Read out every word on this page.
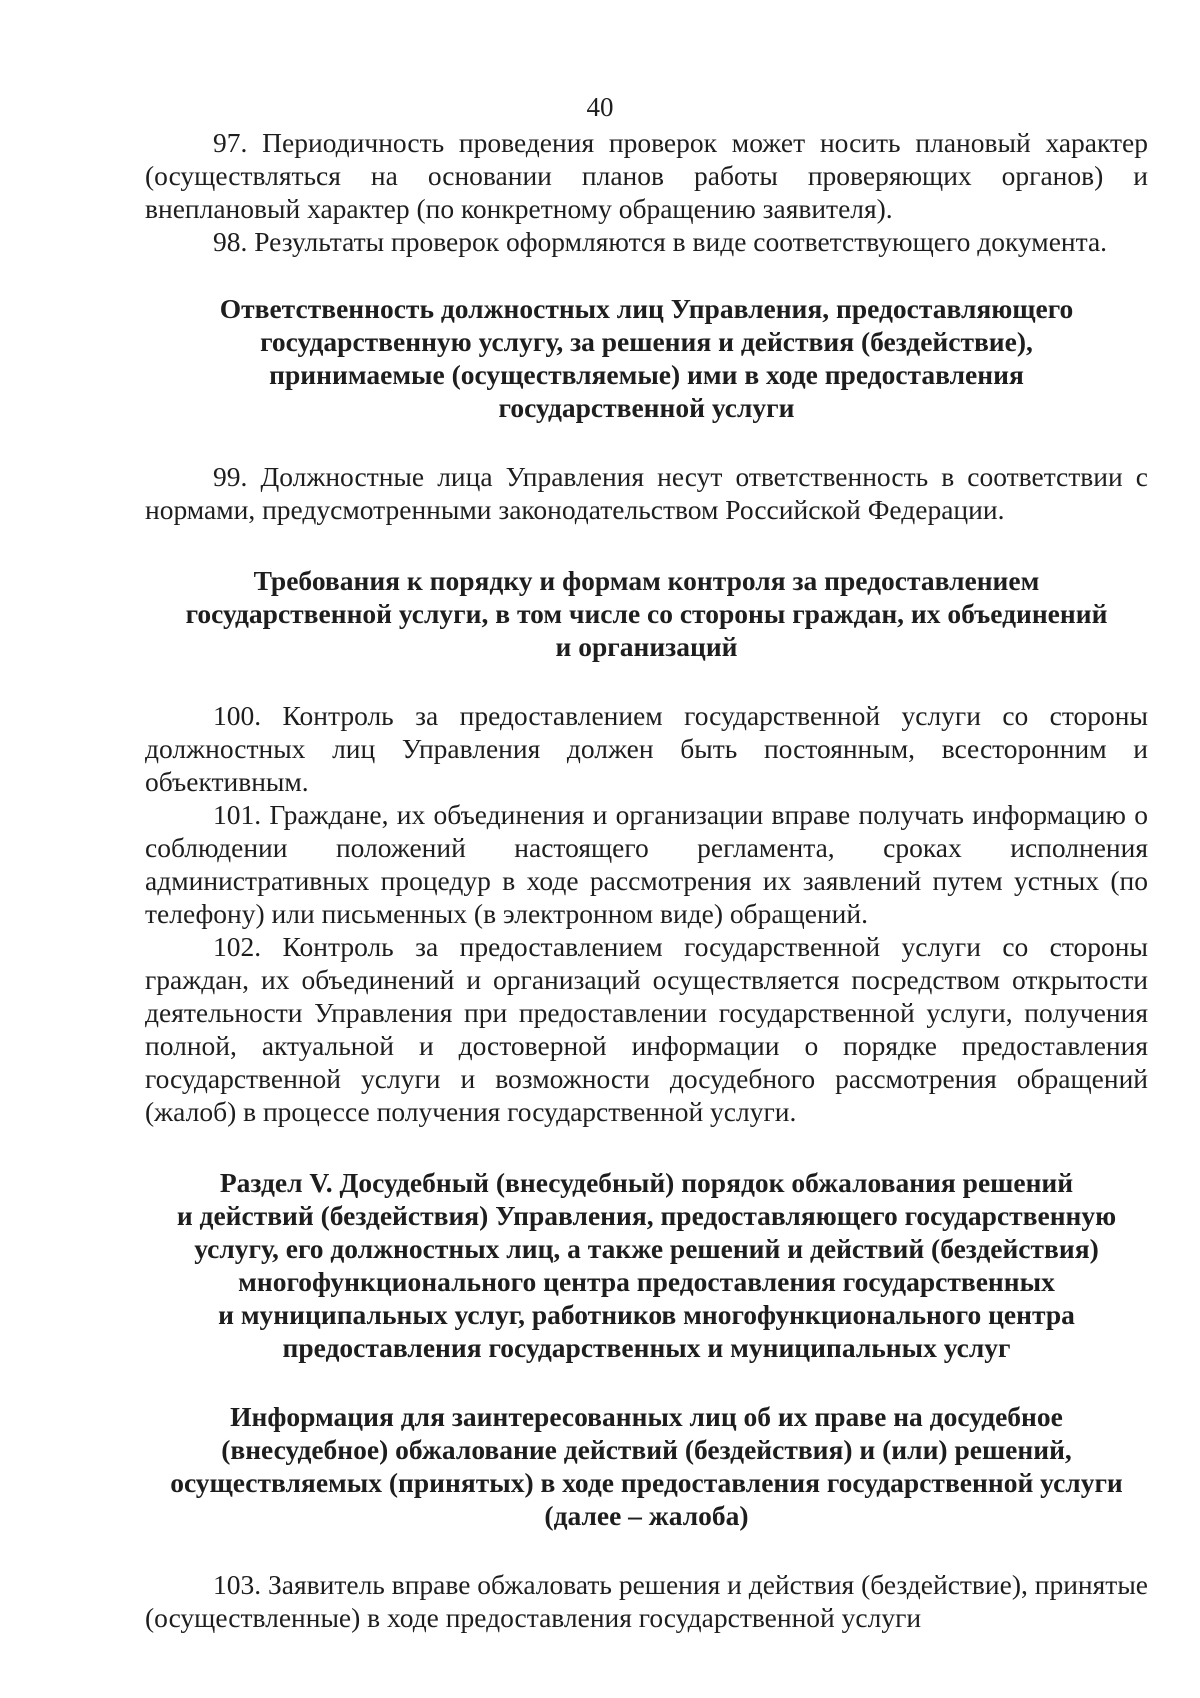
40

97. Периодичность проведения проверок может носить плановый характер (осуществляться на основании планов работы проверяющих органов) и внеплановый характер (по конкретному обращению заявителя).

98. Результаты проверок оформляются в виде соответствующего документа.

Ответственность должностных лиц Управления, предоставляющего
государственную услугу, за решения и действия (бездействие),
принимаемые (осуществляемые) ими в ходе предоставления
государственной услуги

99. Должностные лица Управления несут ответственность в соответствии с нормами, предусмотренными законодательством Российской Федерации.

Требования к порядку и формам контроля за предоставлением
государственной услуги, в том числе со стороны граждан, их объединений
и организаций

100. Контроль за предоставлением государственной услуги со стороны должностных лиц Управления должен быть постоянным, всесторонним и объективным.

101. Граждане, их объединения и организации вправе получать информацию о соблюдении положений настоящего регламента, сроках исполнения административных процедур в ходе рассмотрения их заявлений путем устных (по телефону) или письменных (в электронном виде) обращений.

102. Контроль за предоставлением государственной услуги со стороны граждан, их объединений и организаций осуществляется посредством открытости деятельности Управления при предоставлении государственной услуги, получения полной, актуальной и достоверной информации о порядке предоставления государственной услуги и возможности досудебного рассмотрения обращений (жалоб) в процессе получения государственной услуги.

Раздел V. Досудебный (внесудебный) порядок обжалования решений
и действий (бездействия) Управления, предоставляющего государственную
услугу, его должностных лиц, а также решений и действий (бездействия)
многофункционального центра предоставления государственных
и муниципальных услуг, работников многофункционального центра
предоставления государственных и муниципальных услуг
Информация для заинтересованных лиц об их праве на досудебное
(внесудебное) обжалование действий (бездействия) и (или) решений,
осуществляемых (принятых) в ходе предоставления государственной услуги
(далее – жалоба)

103. Заявитель вправе обжаловать решения и действия (бездействие), принятые (осуществленные) в ходе предоставления государственной услуги
